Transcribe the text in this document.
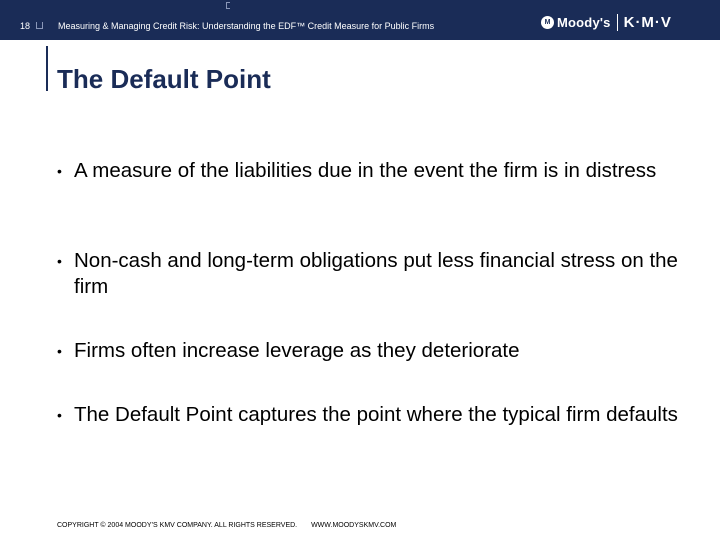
18	Measuring & Managing Credit Risk: Understanding the EDF™ Credit Measure for Public Firms	M Moody's K·M·V
The Default Point
• A measure of the liabilities due in the event the firm is in distress
• Non-cash and long-term obligations put less financial stress on the firm
• Firms often increase leverage as they deteriorate
• The Default Point captures the point where the typical firm defaults
COPYRIGHT © 2004 MOODY’S KMV COMPANY. ALL RIGHTS RESERVED. WWW.MOODYSKMV.COM
